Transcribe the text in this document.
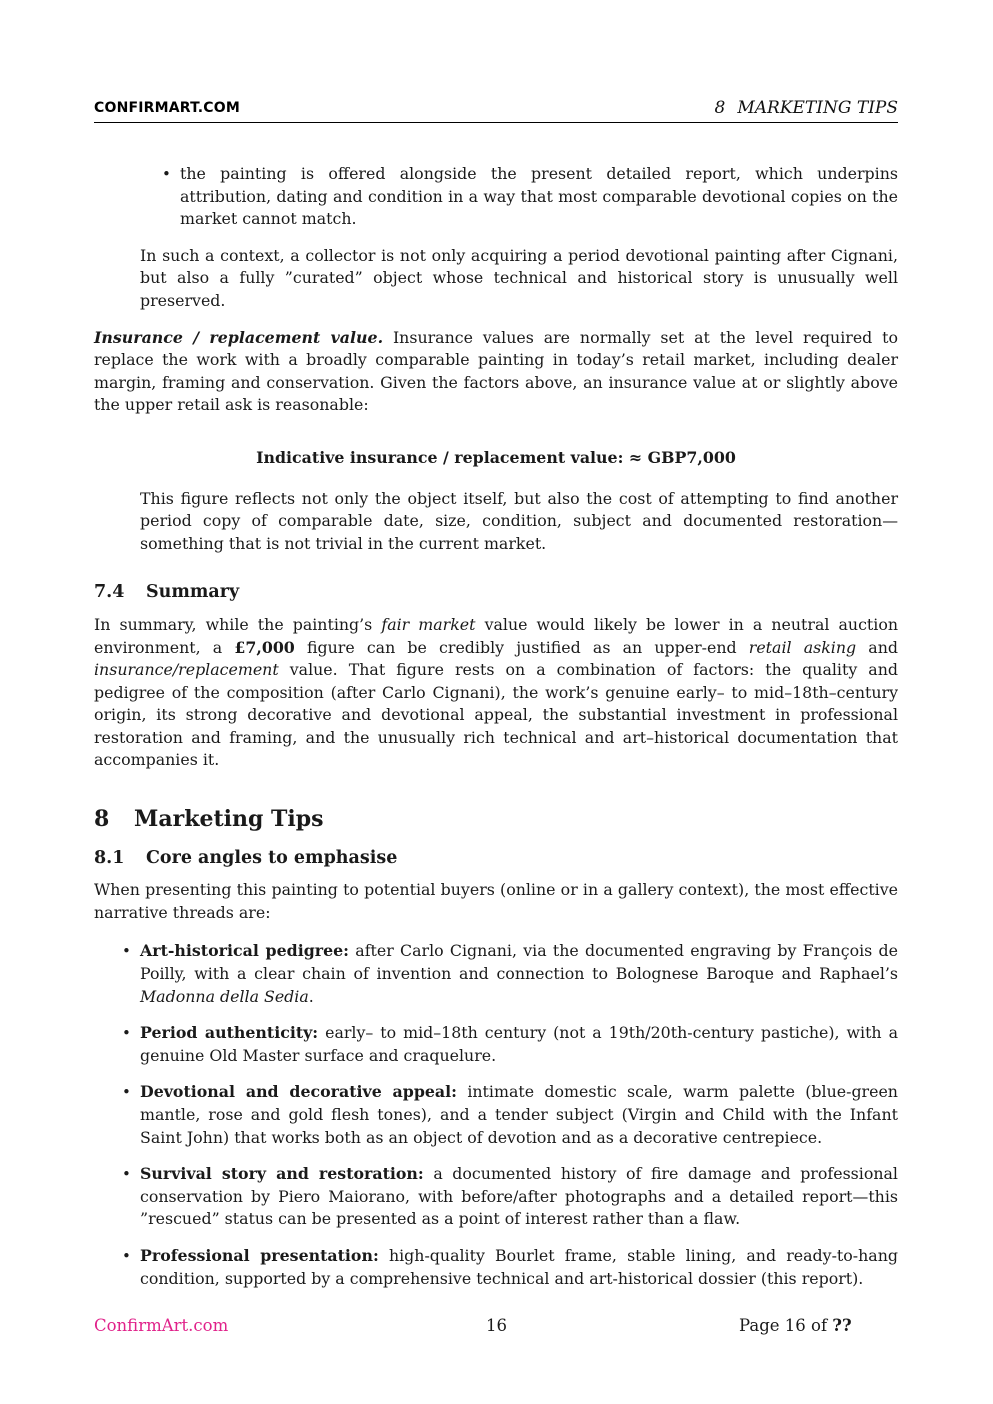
CONFIRMART.COM	8 MARKETING TIPS
• the painting is offered alongside the present detailed report, which underpins attribution, dating and condition in a way that most comparable devotional copies on the market cannot match.

In such a context, a collector is not only acquiring a period devotional painting after Cignani, but also a fully ”curated” object whose technical and historical story is unusually well preserved.

Insurance / replacement value. Insurance values are normally set at the level required to replace the work with a broadly comparable painting in today’s retail market, including dealer margin, framing and conservation. Given the factors above, an insurance value at or slightly above the upper retail ask is reasonable:

Indicative insurance / replacement value: ≈ GBP7,000

This figure reflects not only the object itself, but also the cost of attempting to find another period copy of comparable date, size, condition, subject and documented restoration—something that is not trivial in the current market.

7.4 Summary

In summary, while the painting’s fair market value would likely be lower in a neutral auction environment, a £7,000 figure can be credibly justified as an upper-end retail asking and insurance/replacement value. That figure rests on a combination of factors: the quality and pedigree of the composition (after Carlo Cignani), the work’s genuine early– to mid–18th–century origin, its strong decorative and devotional appeal, the substantial investment in professional restoration and framing, and the unusually rich technical and art–historical documentation that accompanies it.

8 Marketing Tips
8.1 Core angles to emphasise

When presenting this painting to potential buyers (online or in a gallery context), the most effective narrative threads are:

• Art-historical pedigree: after Carlo Cignani, via the documented engraving by François de Poilly, with a clear chain of invention and connection to Bolognese Baroque and Raphael’s Madonna della Sedia.
• Period authenticity: early– to mid–18th century (not a 19th/20th-century pastiche), with a genuine Old Master surface and craquelure.
• Devotional and decorative appeal: intimate domestic scale, warm palette (blue-green mantle, rose and gold flesh tones), and a tender subject (Virgin and Child with the Infant Saint John) that works both as an object of devotion and as a decorative centrepiece.
• Survival story and restoration: a documented history of fire damage and professional conservation by Piero Maiorano, with before/after photographs and a detailed report—this ”rescued” status can be presented as a point of interest rather than a flaw.
• Professional presentation: high-quality Bourlet frame, stable lining, and ready-to-hang condition, supported by a comprehensive technical and art-historical dossier (this report).
ConfirmArt.com	16	Page 16 of ??
